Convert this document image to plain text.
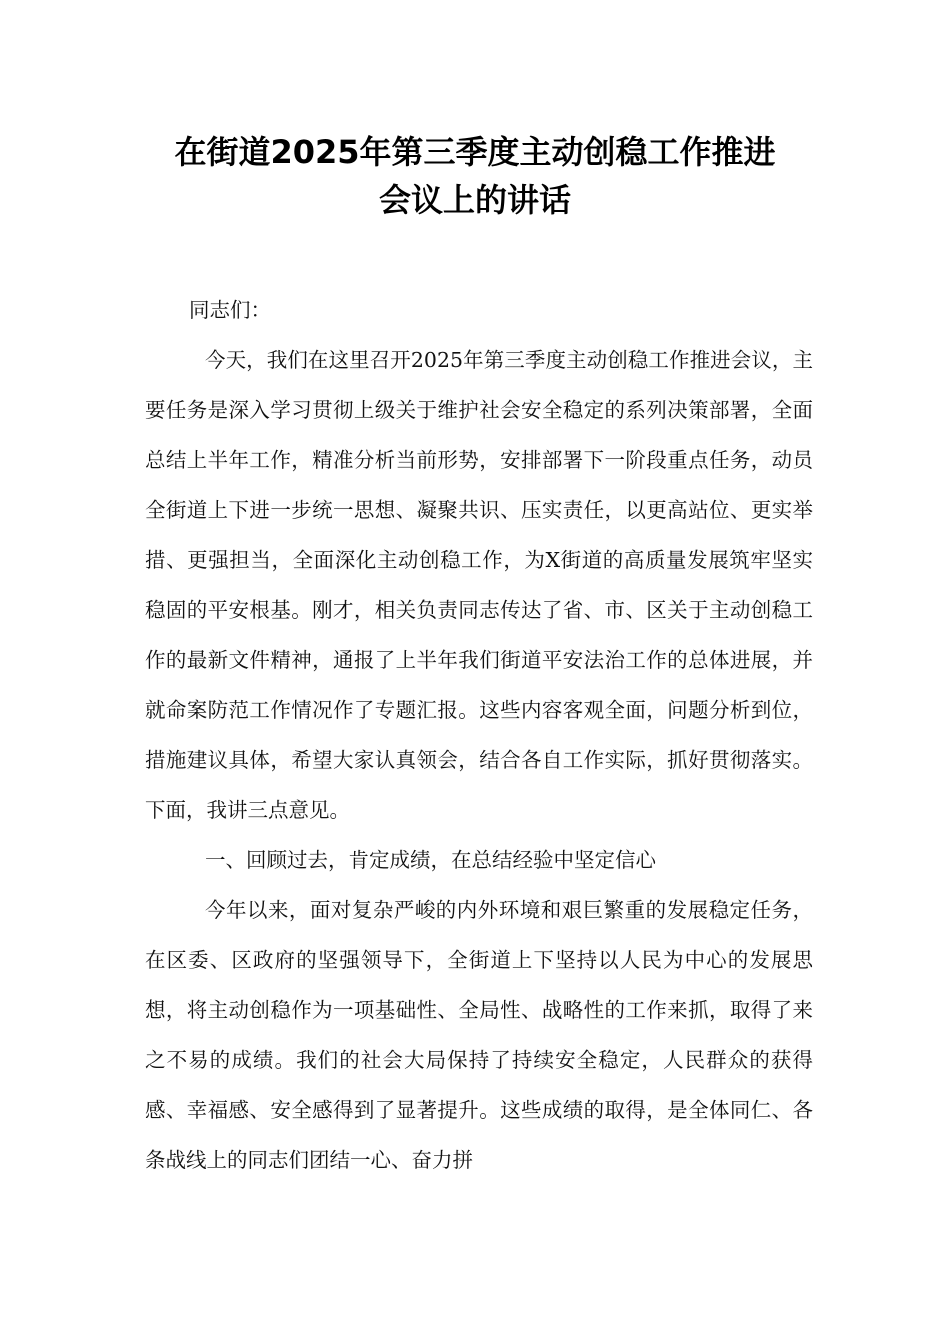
在街道2025年第三季度主动创稳工作推进
会议上的讲话

同志们：

今天，我们在这里召开2025年第三季度主动创稳工作推进会议，主要任务是深入学习贯彻上级关于维护社会安全稳定的系列决策部署，全面总结上半年工作，精准分析当前形势，安排部署下一阶段重点任务，动员全街道上下进一步统一思想、凝聚共识、压实责任，以更高站位、更实举措、更强担当，全面深化主动创稳工作，为X街道的高质量发展筑牢坚实稳固的平安根基。刚才，相关负责同志传达了省、市、区关于主动创稳工作的最新文件精神，通报了上半年我们街道平安法治工作的总体进展，并就命案防范工作情况作了专题汇报。这些内容客观全面，问题分析到位，措施建议具体，希望大家认真领会，结合各自工作实际，抓好贯彻落实。下面，我讲三点意见。

一、回顾过去，肯定成绩，在总结经验中坚定信心

今年以来，面对复杂严峻的内外环境和艰巨繁重的发展稳定任务，在区委、区政府的坚强领导下，全街道上下坚持以人民为中心的发展思想，将主动创稳作为一项基础性、全局性、战略性的工作来抓，取得了来之不易的成绩。我们的社会大局保持了持续安全稳定，人民群众的获得感、幸福感、安全感得到了显著提升。这些成绩的取得，是全体同仁、各条战线上的同志们团结一心、奋力拼
